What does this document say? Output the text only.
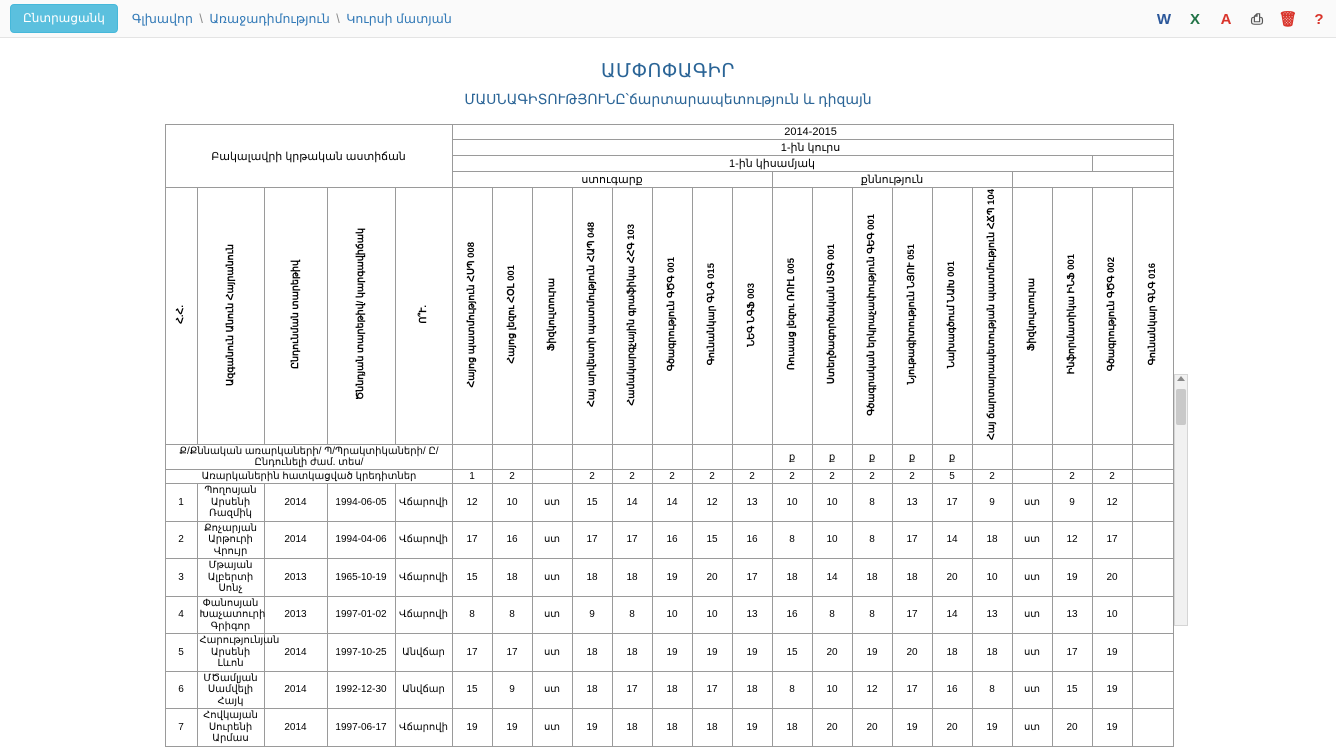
Ընտրացանկ	Գլխավոր \ Առաջադիմություն \ Կուրսի մատյան	W X A ⎙ 🗑 ?
ԱՄՓՈՓԱԳԻՐ
ՄԱՍՆԱԳԻՏՈՒԹՅՈՒՆԸ՝ճարտարապետություն և դիզայն
Բակալավրի կրթական աստիճան					2014-2015																	
					1-ին կուրս																	
					1-ին կիսամյակ																	
					ստուգարք								քննություն									
Հ.Հ.	Ազգանուն Անուն Հայրանուն	Ընդունման տարեթիվ	Ծննդյան տարեթիվ/ կարգավիճակ	Ո՞Ւ.	Հայոց պատմություն ՀՍՊ 008	Հայոց լեզու ՀՕԼ 001	Ֆիզկուլտուրա	Հայ արվեստի պատմություն ՀԱՊ 048	Համակարգչային գրաֆիկա ՀՀԳ 103	Գծագրություն ԳԾԳ 001	Գունանկար ԳՆԳ 015	ՆԵԳ ՆԳՖ 003	Ռուսաց լեզու ՌՈՒԼ 005	Ստեղծագործական ՍՏԳ 001	Գծագրական երկրաչափություն ԳԵԳ 001	Նյութագիտություն ՆՅՈՒ 051	Նախագծում ՆԱԽ 001	Հայ ճարտարապետության պատմություն ՀՃՊ 104	Ֆիզկուլտուրա	Ինֆորմատիկա ԻՆՖ 001	Գծագրություն ԳԾԳ 002	Գունանկար ԳՆԳ 016
Ք/Քննական առարկաների/ Պ/Պրակտիկաների/ Ը/Ընդունելի ժամ. տես/													ք	ք	ք	ք	ք					
Առարկաներին հատկացված կրեդիտներ					1	2		2	2	2	2	2	2	2	2	2	5	2		2	2	
1	Պողոսյան Արսենի Ռազմիկ	2014	1994-06-05	Վճարովի	12	10	ստ	15	14	14	12	13	10	10	8	13	17	9	ստ	9	12	
2	Քոչարյան Արթուրի Վրույր	2014	1994-04-06	Վճարովի	17	16	ստ	17	17	16	15	16	8	10	8	17	14	18	ստ	12	17	
3	Մթայան Ալբերտի Սոնչ	2013	1965-10-19	Վճարովի	15	18	ստ	18	18	19	20	17	18	14	18	18	20	10	ստ	19	20	
4	Փանոսյան Խաչատուրի Գրիգոր	2013	1997-01-02	Վճարովի	8	8	ստ	9	8	10	10	13	16	8	8	17	14	13	ստ	13	10	
5	Հարությունյան Արսենի Լևոն	2014	1997-10-25	Անվճար	17	17	ստ	18	18	19	19	19	15	20	19	20	18	18	ստ	17	19	
6	ՄԾամլյան Սամվելի Հայկ	2014	1992-12-30	Անվճար	15	9	ստ	18	17	18	17	18	8	10	12	17	16	8	ստ	15	19	
7	Հովկայան Սուրենի Արմաս	2014	1997-06-17	Վճարովի	19	19	ստ	19	18	18	18	19	18	20	20	19	20	19	ստ	20	19	
